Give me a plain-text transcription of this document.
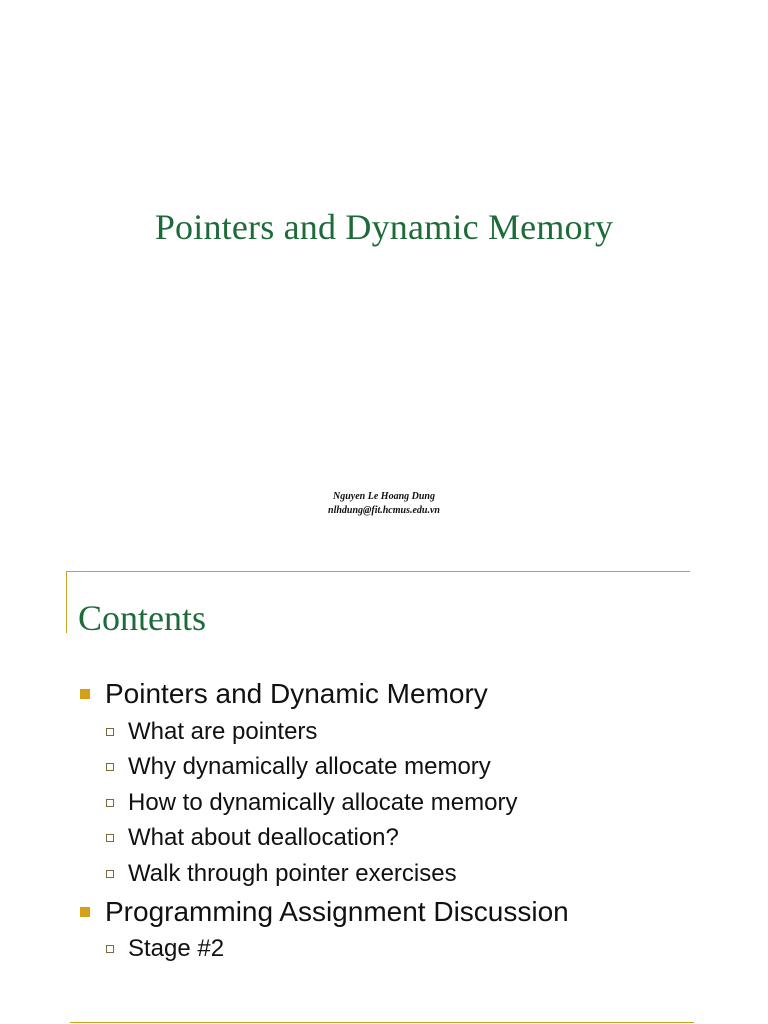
Pointers and Dynamic Memory
Nguyen Le Hoang Dung
nlhdung@fit.hcmus.edu.vn
Contents
Pointers and Dynamic Memory
What are pointers
Why dynamically allocate memory
How to dynamically allocate memory
What about deallocation?
Walk through pointer exercises
Programming Assignment Discussion
Stage #2
